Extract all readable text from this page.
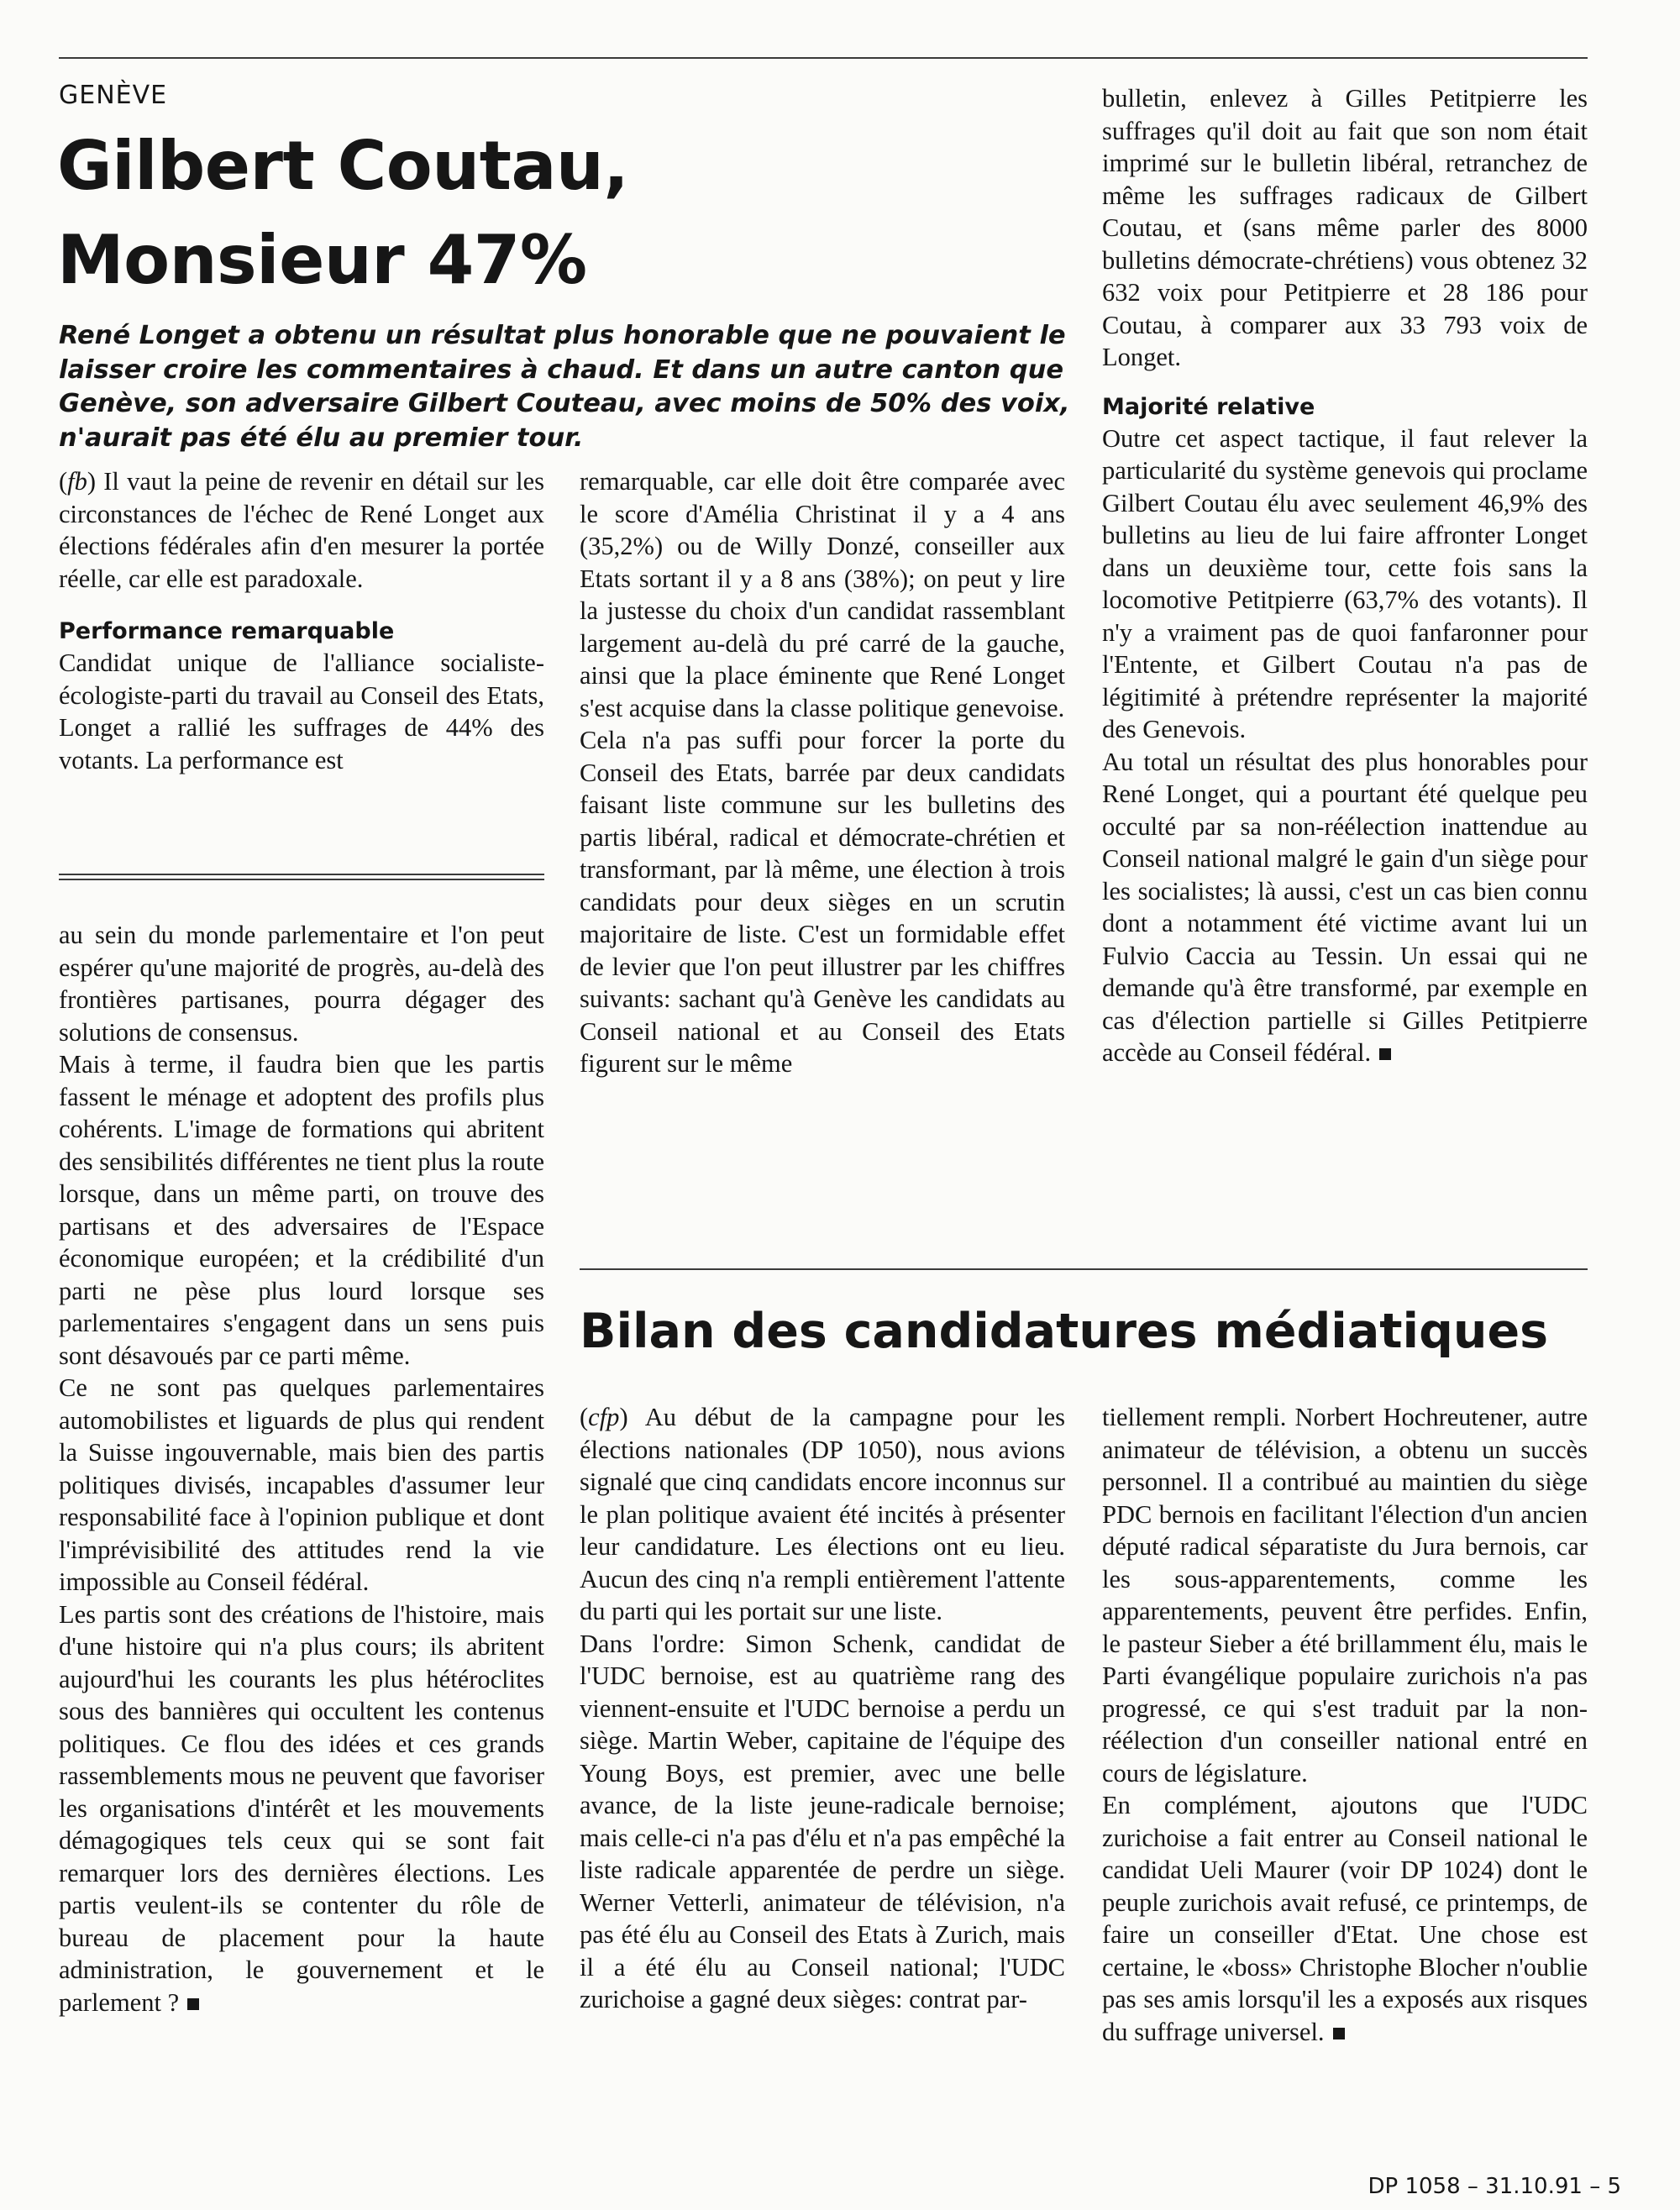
GENÈVE
Gilbert Coutau,
Monsieur 47%

René Longet a obtenu un résultat plus honorable que ne pouvaient le laisser croire les commentaires à chaud. Et dans un autre canton que Genève, son adversaire Gilbert Couteau, avec moins de 50% des voix, n'aurait pas été élu au premier tour.

(fb) Il vaut la peine de revenir en détail sur les circonstances de l'échec de René Longet aux élections fédérales afin d'en mesurer la portée réelle, car elle est paradoxale.

Performance remarquable

Candidat unique de l'alliance socialiste-écologiste-parti du travail au Conseil des Etats, Longet a rallié les suffrages de 44% des votants. La performance est

remarquable, car elle doit être comparée avec le score d'Amélia Christinat il y a 4 ans (35,2%) ou de Willy Donzé, conseiller aux Etats sortant il y a 8 ans (38%); on peut y lire la justesse du choix d'un candidat rassemblant largement au-delà du pré carré de la gauche, ainsi que la place éminente que René Longet s'est acquise dans la classe politique genevoise.

Cela n'a pas suffi pour forcer la porte du Conseil des Etats, barrée par deux candidats faisant liste commune sur les bulletins des partis libéral, radical et démocrate-chrétien et transformant, par là même, une élection à trois candidats pour deux sièges en un scrutin majoritaire de liste. C'est un formidable effet de levier que l'on peut illustrer par les chiffres suivants: sachant qu'à Genève les candidats au Conseil national et au Conseil des Etats figurent sur le même

bulletin, enlevez à Gilles Petitpierre les suffrages qu'il doit au fait que son nom était imprimé sur le bulletin libéral, retranchez de même les suffrages radicaux de Gilbert Coutau, et (sans même parler des 8000 bulletins démocrate-chrétiens) vous obtenez 32 632 voix pour Petitpierre et 28 186 pour Coutau, à comparer aux 33 793 voix de Longet.

Majorité relative

Outre cet aspect tactique, il faut relever la particularité du système genevois qui proclame Gilbert Coutau élu avec seulement 46,9% des bulletins au lieu de lui faire affronter Longet dans un deuxième tour, cette fois sans la locomotive Petitpierre (63,7% des votants). Il n'y a vraiment pas de quoi fanfaronner pour l'Entente, et Gilbert Coutau n'a pas de légitimité à prétendre représenter la majorité des Genevois.

Au total un résultat des plus honorables pour René Longet, qui a pourtant été quelque peu occulté par sa non-réélection inattendue au Conseil national malgré le gain d'un siège pour les socialistes; là aussi, c'est un cas bien connu dont a notamment été victime avant lui un Fulvio Caccia au Tessin. Un essai qui ne demande qu'à être transformé, par exemple en cas d'élection partielle si Gilles Petitpierre accède au Conseil fédéral.

au sein du monde parlementaire et l'on peut espérer qu'une majorité de progrès, au-delà des frontières partisanes, pourra dégager des solutions de consensus.

Mais à terme, il faudra bien que les partis fassent le ménage et adoptent des profils plus cohérents. L'image de formations qui abritent des sensibilités différentes ne tient plus la route lorsque, dans un même parti, on trouve des partisans et des adversaires de l'Espace économique européen; et la crédibilité d'un parti ne pèse plus lourd lorsque ses parlementaires s'engagent dans un sens puis sont désavoués par ce parti même.

Ce ne sont pas quelques parlementaires automobilistes et liguards de plus qui rendent la Suisse ingouvernable, mais bien des partis politiques divisés, incapables d'assumer leur responsabilité face à l'opinion publique et dont l'imprévisibilité des attitudes rend la vie impossible au Conseil fédéral.

Les partis sont des créations de l'histoire, mais d'une histoire qui n'a plus cours; ils abritent aujourd'hui les courants les plus hétéroclites sous des bannières qui occultent les contenus politiques. Ce flou des idées et ces grands rassemblements mous ne peuvent que favoriser les organisations d'intérêt et les mouvements démagogiques tels ceux qui se sont fait remarquer lors des dernières élections. Les partis veulent-ils se contenter du rôle de bureau de placement pour la haute administration, le gouvernement et le parlement ?

Bilan des candidatures médiatiques

(cfp) Au début de la campagne pour les élections nationales (DP 1050), nous avions signalé que cinq candidats encore inconnus sur le plan politique avaient été incités à présenter leur candidature. Les élections ont eu lieu. Aucun des cinq n'a rempli entièrement l'attente du parti qui les portait sur une liste.

Dans l'ordre: Simon Schenk, candidat de l'UDC bernoise, est au quatrième rang des viennent-ensuite et l'UDC bernoise a perdu un siège. Martin Weber, capitaine de l'équipe des Young Boys, est premier, avec une belle avance, de la liste jeune-radicale bernoise; mais celle-ci n'a pas d'élu et n'a pas empêché la liste radicale apparentée de perdre un siège. Werner Vetterli, animateur de télévision, n'a pas été élu au Conseil des Etats à Zurich, mais il a été élu au Conseil national; l'UDC zurichoise a gagné deux sièges: contrat par-

tiellement rempli. Norbert Hochreutener, autre animateur de télévision, a obtenu un succès personnel. Il a contribué au maintien du siège PDC bernois en facilitant l'élection d'un ancien député radical séparatiste du Jura bernois, car les sous-apparentements, comme les apparentements, peuvent être perfides. Enfin, le pasteur Sieber a été brillamment élu, mais le Parti évangélique populaire zurichois n'a pas progressé, ce qui s'est traduit par la non-réélection d'un conseiller national entré en cours de législature.

En complément, ajoutons que l'UDC zurichoise a fait entrer au Conseil national le candidat Ueli Maurer (voir DP 1024) dont le peuple zurichois avait refusé, ce printemps, de faire un conseiller d'Etat. Une chose est certaine, le «boss» Christophe Blocher n'oublie pas ses amis lorsqu'il les a exposés aux risques du suffrage universel.

DP 1058 – 31.10.91 – 5
